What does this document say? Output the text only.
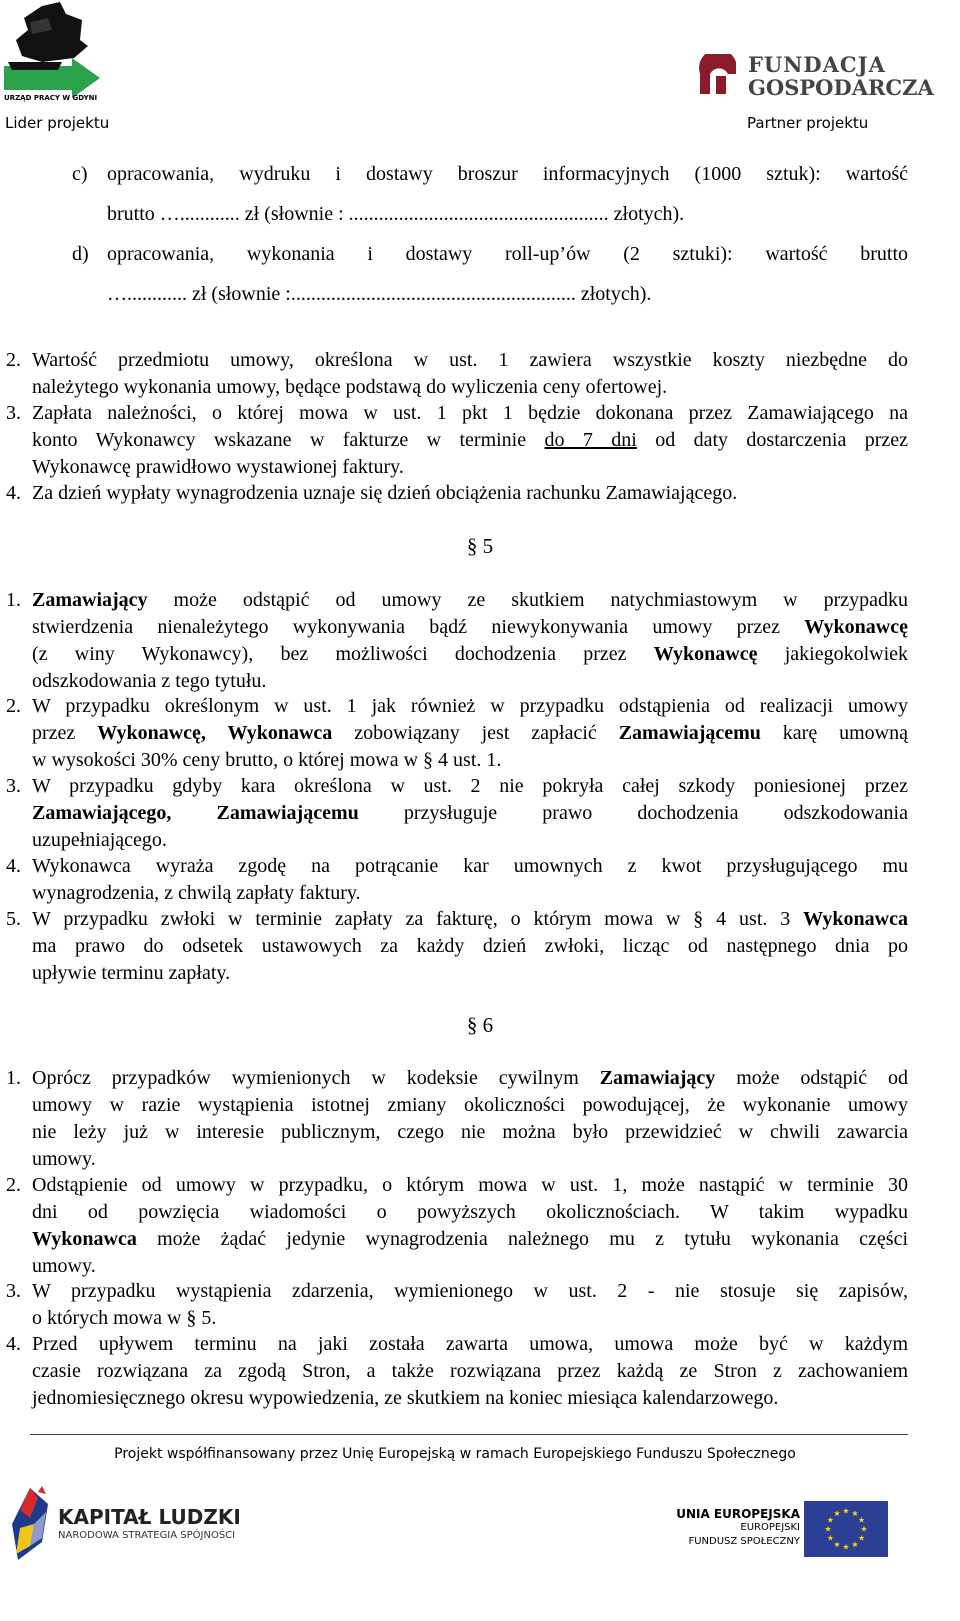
URZĄD PRACY W GDYNI
Lider projektu
FUNDACJA
GOSPODARCZA
Partner projektu
c) opracowania, wydruku i dostawy broszur informacyjnych (1000 sztuk): wartość
brutto …............ zł (słownie : .................................................... złotych).
d) opracowania, wykonania i dostawy roll-up’ów (2 sztuki): wartość brutto
…............ zł (słownie :......................................................... złotych).
2. Wartość przedmiotu umowy, określona w ust. 1 zawiera wszystkie koszty niezbędne do
należytego wykonania umowy, będące podstawą do wyliczenia ceny ofertowej.
3. Zapłata należności, o której mowa w ust. 1 pkt 1 będzie dokonana przez Zamawiającego na
konto Wykonawcy wskazane w fakturze w terminie do 7 dni od daty dostarczenia przez
Wykonawcę prawidłowo wystawionej faktury.
4. Za dzień wypłaty wynagrodzenia uznaje się dzień obciążenia rachunku Zamawiającego.
§ 5
1. Zamawiający może odstąpić od umowy ze skutkiem natychmiastowym w przypadku
stwierdzenia nienależytego wykonywania bądź niewykonywania umowy przez Wykonawcę
(z winy Wykonawcy), bez możliwości dochodzenia przez Wykonawcę jakiegokolwiek
odszkodowania z tego tytułu.
2. W przypadku określonym w ust. 1 jak również w przypadku odstąpienia od realizacji umowy
przez Wykonawcę, Wykonawca zobowiązany jest zapłacić Zamawiającemu karę umowną
w wysokości 30% ceny brutto, o której mowa w § 4 ust. 1.
3. W przypadku gdyby kara określona w ust. 2 nie pokryła całej szkody poniesionej przez
Zamawiającego, Zamawiającemu przysługuje prawo dochodzenia odszkodowania
uzupełniającego.
4. Wykonawca wyraża zgodę na potrącanie kar umownych z kwot przysługującego mu
wynagrodzenia, z chwilą zapłaty faktury.
5. W przypadku zwłoki w terminie zapłaty za fakturę, o którym mowa w § 4 ust. 3 Wykonawca
ma prawo do odsetek ustawowych za każdy dzień zwłoki, licząc od następnego dnia po
upływie terminu zapłaty.
§ 6
1. Oprócz przypadków wymienionych w kodeksie cywilnym Zamawiający może odstąpić od
umowy w razie wystąpienia istotnej zmiany okoliczności powodującej, że wykonanie umowy
nie leży już w interesie publicznym, czego nie można było przewidzieć w chwili zawarcia
umowy.
2. Odstąpienie od umowy w przypadku, o którym mowa w ust. 1, może nastąpić w terminie 30
dni od powzięcia wiadomości o powyższych okolicznościach. W takim wypadku
Wykonawca może żądać jedynie wynagrodzenia należnego mu z tytułu wykonania części
umowy.
3. W przypadku wystąpienia zdarzenia, wymienionego w ust. 2 - nie stosuje się zapisów,
o których mowa w § 5.
4. Przed upływem terminu na jaki została zawarta umowa, umowa może być w każdym
czasie rozwiązana za zgodą Stron, a także rozwiązana przez każdą ze Stron z zachowaniem
jednomiesięcznego okresu wypowiedzenia, ze skutkiem na koniec miesiąca kalendarzowego.
Projekt współfinansowany przez Unię Europejską w ramach Europejskiego Funduszu Społecznego
KAPITAŁ LUDZKI
NARODOWA STRATEGIA SPÓJNOŚCI
UNIA EUROPEJSKA
EUROPEJSKI
FUNDUSZ SPOŁECZNY
